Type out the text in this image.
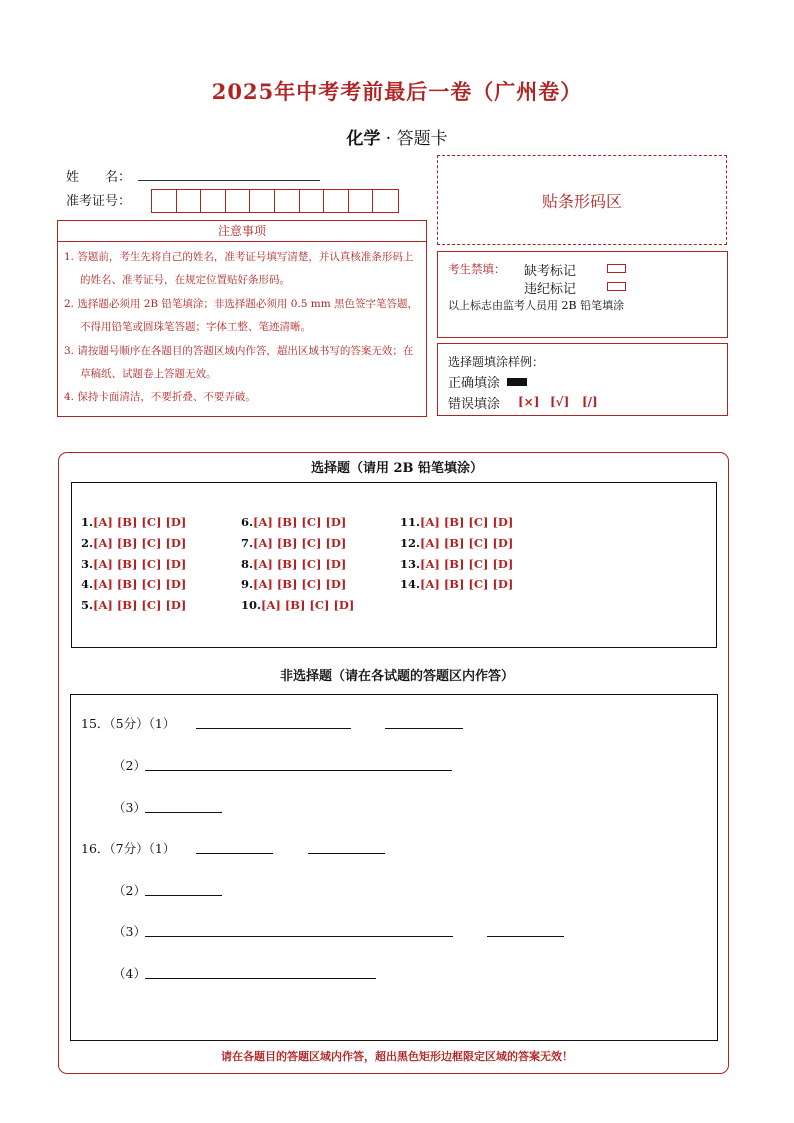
2025年中考考前最后一卷（广州卷）
化学 · 答题卡
姓　　名：
准考证号：	贴条形码区
注意事项
1. 答题前，考生先将自己的姓名，准考证号填写清楚，并认真核准条形码上的姓名、准考证号，在规定位置贴好条形码。
2. 选择题必须用 2B 铅笔填涂；非选择题必须用 0.5 mm 黑色签字笔答题，不得用铅笔或圆珠笔答题；字体工整、笔迹清晰。
3. 请按题号顺序在各题目的答题区域内作答，超出区域书写的答案无效；在草稿纸、试题卷上答题无效。
4. 保持卡面清洁，不要折叠、不要弄破。
考生禁填： 缺考标记
违纪标记
以上标志由监考人员用 2B 铅笔填涂
选择题填涂样例：
正确填涂
错误填涂 [×] [√] [/]
选择题（请用 2B 铅笔填涂）
1.[A] [B] [C] [D]
2.[A] [B] [C] [D]
3.[A] [B] [C] [D]
4.[A] [B] [C] [D]
5.[A] [B] [C] [D]
6.[A] [B] [C] [D]
7.[A] [B] [C] [D]
8.[A] [B] [C] [D]
9.[A] [B] [C] [D]
10.[A] [B] [C] [D]
11.[A] [B] [C] [D]
12.[A] [B] [C] [D]
13.[A] [B] [C] [D]
14.[A] [B] [C] [D]
非选择题（请在各试题的答题区内作答）
15．（5分）（1）
（2）
（3）
16．（7分）（1）
（2）
（3）
（4）
请在各题目的答题区域内作答，超出黑色矩形边框限定区域的答案无效！
